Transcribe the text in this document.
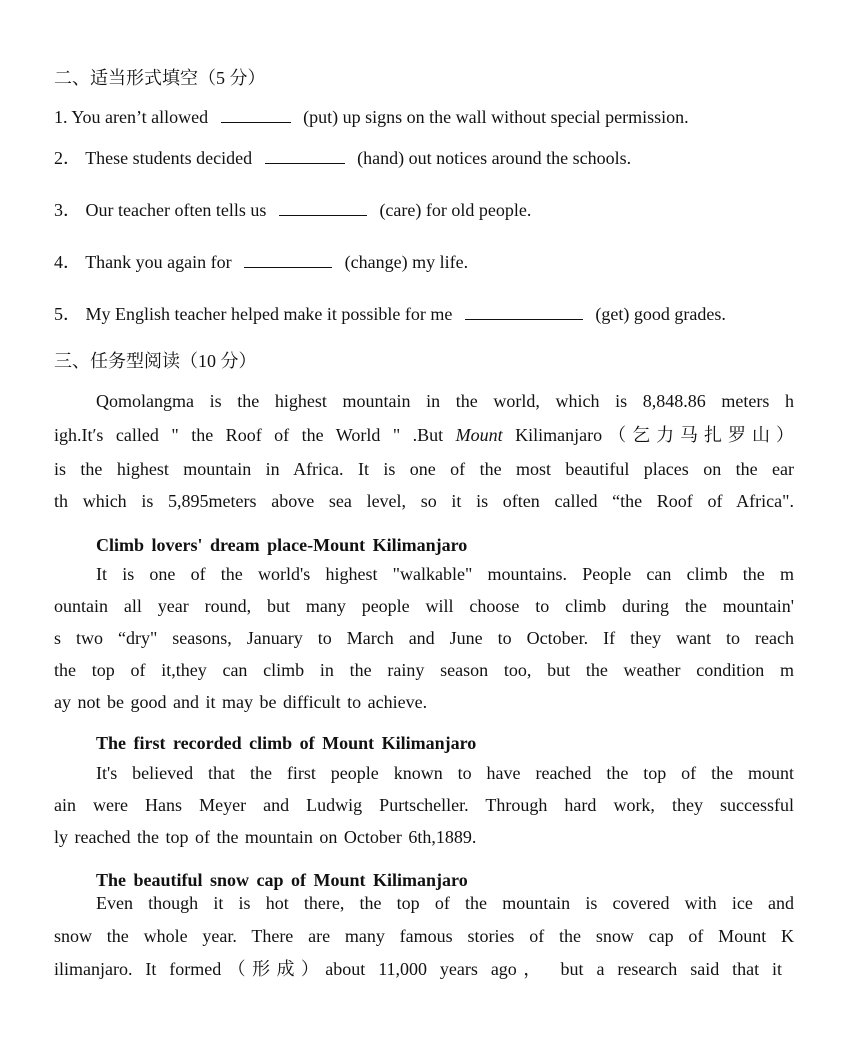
二、适当形式填空（5 分）
1. You aren’t allowed	(put) up signs on the wall without special permission.
2． These students decided	(hand) out notices around the schools.
3． Our teacher often tells us	(care) for old people.
4． Thank you again for	(change) my life.
5． My English teacher helped make it possible for me	(get) good grades.
三、任务型阅读（10 分）
Qomolangma is the highest mountain in the world, which is 8,848.86 meters h
igh.It′s called " the Roof of the World " .But Mount Kilimanjaro（乞力马扎罗山）
is the highest mountain in Africa. It is one of the most beautiful places on the ear
th which is 5,895meters above sea level, so it is often called “the Roof of Africa".
Climb lovers' dream place-Mount Kilimanjaro
It is one of the world's highest "walkable" mountains. People can climb the m
ountain all year round, but many people will choose to climb during the mountain'
s two “dry" seasons, January to March and June to October. If they want to reach
the top of it,they can climb in the rainy season too, but the weather condition m
ay not be good and it may be difficult to achieve.
The first recorded climb of Mount Kilimanjaro
It's believed that the first people known to have reached the top of the mount
ain were Hans Meyer and Ludwig Purtscheller. Through hard work, they successful
ly reached the top of the mountain on October 6th,1889.
The beautiful snow cap of Mount Kilimanjaro
Even though it is hot there, the top of the mountain is covered with ice and
snow the whole year. There are many famous stories of the snow cap of Mount K
ilimanjaro. It formed（形成）about 11,000 years ago， but a research said that it
